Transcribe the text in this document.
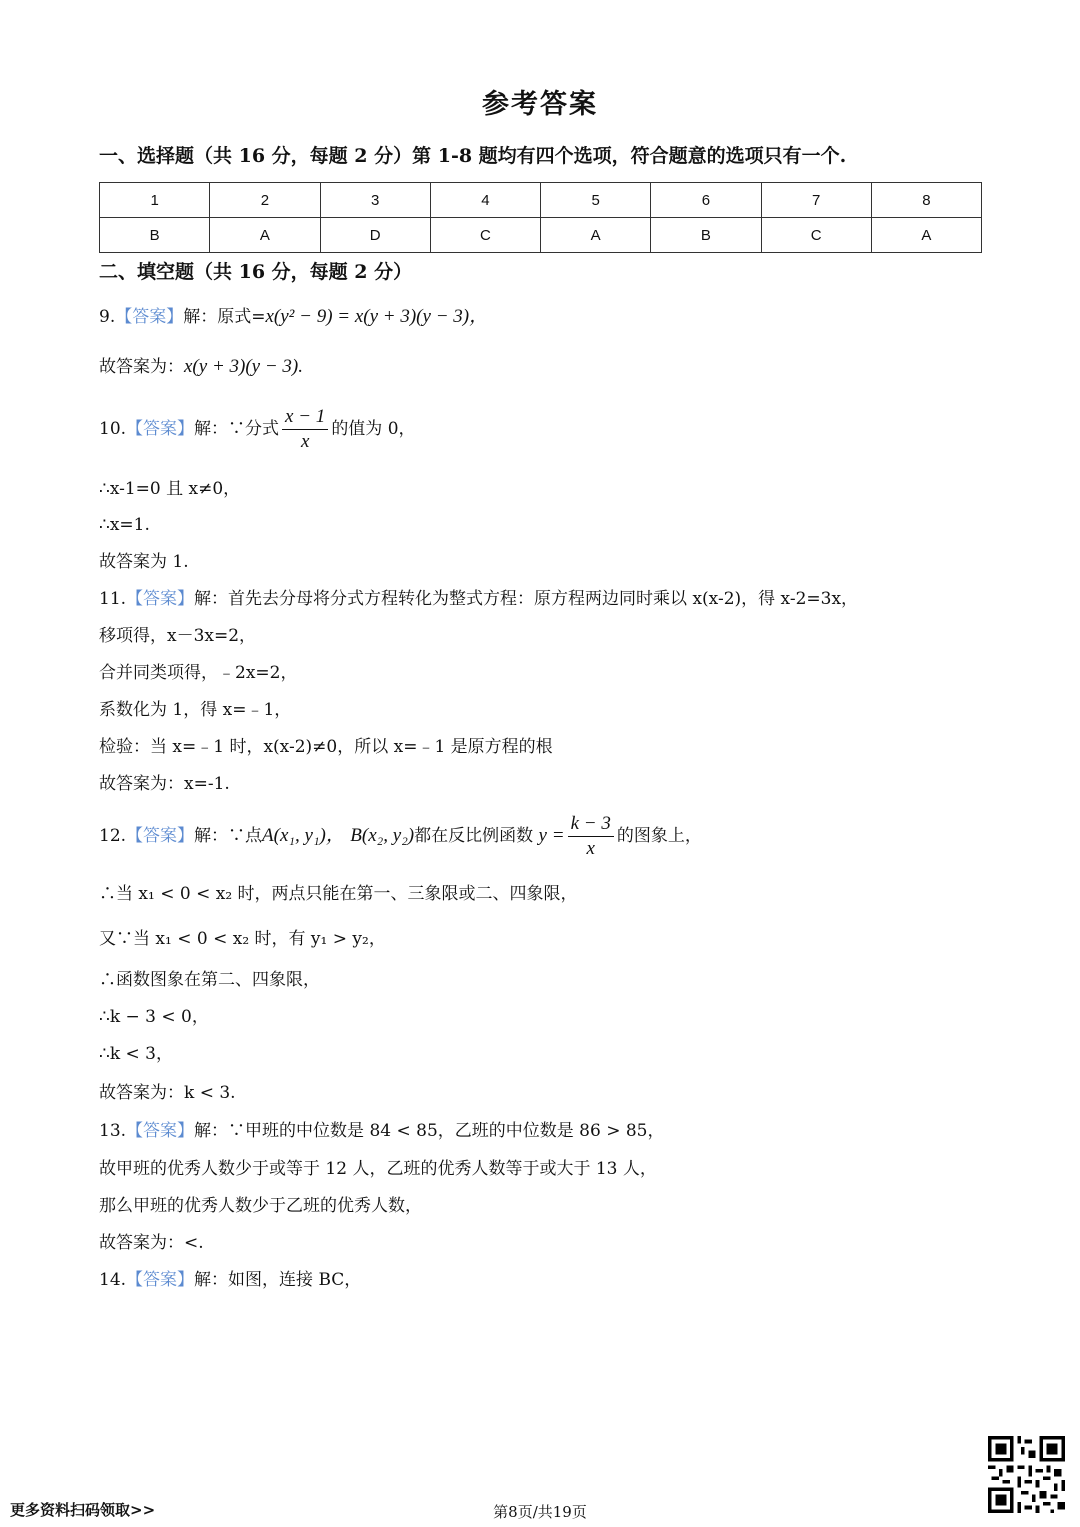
参考答案
一、选择题（共 16 分，每题 2 分）第 1-8 题均有四个选项，符合题意的选项只有一个.
1	2	3	4	5	6	7	8
B	A	D	C	A	B	C	A
二、填空题（共 16 分，每题 2 分）
9.【答案】解：原式=x(y² − 9) = x(y + 3)(y − 3)，
故答案为：x(y + 3)(y − 3).
10.【答案】解：∵分式 $\frac{x - 1}{x}$ 的值为 0，
∴x-1=0 且 x≠0，
∴x=1.
故答案为 1.
11.【答案】解：首先去分母将分式方程转化为整式方程：原方程两边同时乘以 x(x-2)，得 x-2=3x，
移项得，x－3x=2，
合并同类项得，﹣2x=2，
系数化为 1，得 x=﹣1，
检验：当 x=﹣1 时，x(x-2)≠0，所以 x=﹣1 是原方程的根
故答案为：x=-1.
12.【答案】解：∵点A(x₁, y₁)， B(x₂, y₂)都在反比例函数 $y = \frac{k - 3}{x}$ 的图象上，
∴当 x₁ < 0 < x₂ 时，两点只能在第一、三象限或二、四象限，
又∵当 x₁ < 0 < x₂ 时，有 y₁ > y₂，
∴函数图象在第二、四象限，
∴k − 3 < 0，
∴k < 3，
故答案为：k < 3.
13.【答案】解：∵甲班的中位数是 84 < 85，乙班的中位数是 86 > 85，
故甲班的优秀人数少于或等于 12 人，乙班的优秀人数等于或大于 13 人，
那么甲班的优秀人数少于乙班的优秀人数，
故答案为：<.
14.【答案】解：如图，连接 BC，
更多资料扫码领取>>	第8页/共19页
